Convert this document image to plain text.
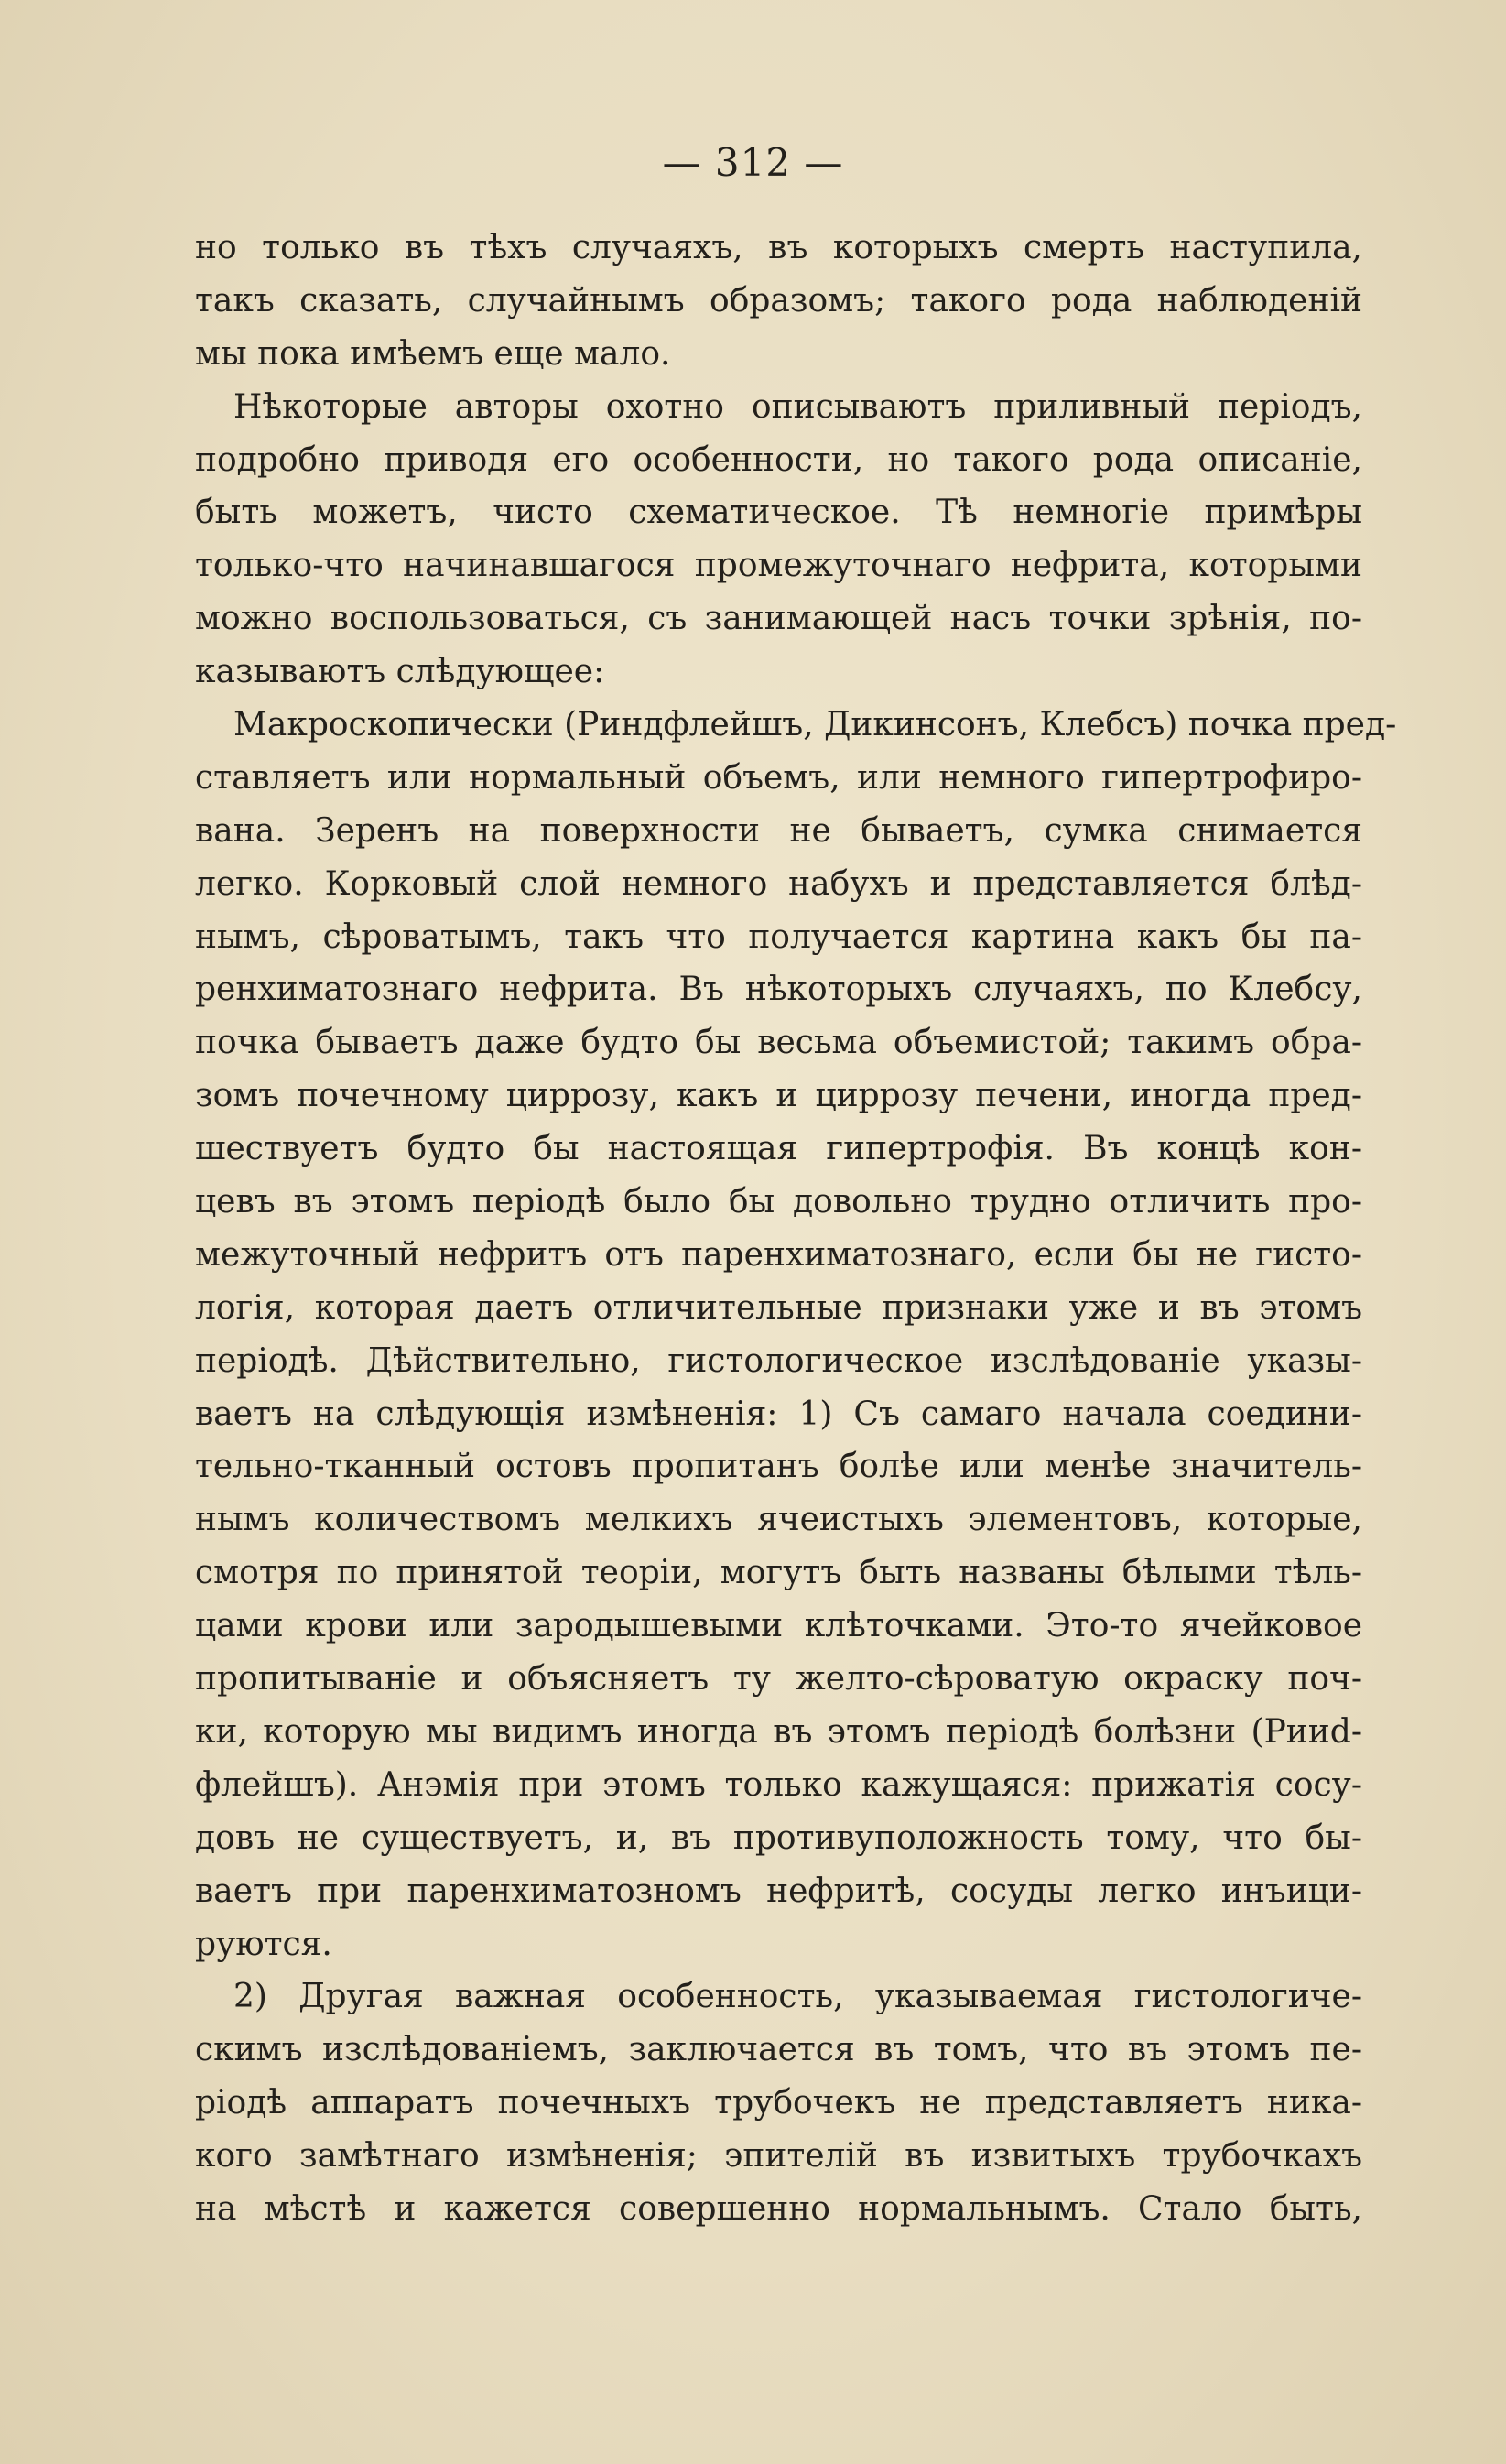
— 312 —
но только въ тѣхъ случаяхъ, въ которыхъ смерть наступила,
такъ сказать, случайнымъ образомъ; такого рода наблюденій
мы пока имѣемъ еще мало.
Нѣкоторые авторы охотно описываютъ приливный періодъ,
подробно приводя его особенности, но такого рода описаніе,
быть можетъ, чисто схематическое. Тѣ немногіе примѣры
только-что начинавшагося промежуточнаго нефрита, которыми
можно воспользоваться, съ занимающей насъ точки зрѣнія, по-
казываютъ слѣдующее:
Макроскопически (Риндфлейшъ, Дикинсонъ, Клебсъ) почка пред-
ставляетъ или нормальный объемъ, или немного гипертрофиро-
вана. Зеренъ на поверхности не бываетъ, сумка снимается
легко. Корковый слой немного набухъ и представляется блѣд-
нымъ, сѣроватымъ, такъ что получается картина какъ бы па-
ренхиматознаго нефрита. Въ нѣкоторыхъ случаяхъ, по Клебсу,
почка бываетъ даже будто бы весьма объемистой; такимъ обра-
зомъ почечному циррозу, какъ и циррозу печени, иногда пред-
шествуетъ будто бы настоящая гипертрофія. Въ концѣ кон-
цевъ въ этомъ періодѣ было бы довольно трудно отличить про-
межуточный нефритъ отъ паренхиматознаго, если бы не гисто-
логія, которая даетъ отличительные признаки уже и въ этомъ
періодѣ. Дѣйствительно, гистологическое изслѣдованіе указы-
ваетъ на слѣдующія измѣненія: 1) Съ самаго начала соедини-
тельно-тканный остовъ пропитанъ болѣе или менѣе значитель-
нымъ количествомъ мелкихъ ячеистыхъ элементовъ, которые,
смотря по принятой теоріи, могутъ быть названы бѣлыми тѣль-
цами крови или зародышевыми клѣточками. Это-то ячейковое
пропитываніе и объясняетъ ту желто-сѣроватую окраску поч-
ки, которую мы видимъ иногда въ этомъ періодѣ болѣзни (Рииd-
флейшъ). Анэмія при этомъ только кажущаяся: прижатія сосу-
довъ не существуетъ, и, въ противуположность тому, что бы-
ваетъ при паренхиматозномъ нефритѣ, сосуды легко инъици-
руются.
2) Другая важная особенность, указываемая гистологиче-
скимъ изслѣдованіемъ, заключается въ томъ, что въ этомъ пе-
ріодѣ аппаратъ почечныхъ трубочекъ не представляетъ ника-
кого замѣтнаго измѣненія; эпителій въ извитыхъ трубочкахъ
на мѣстѣ и кажется совершенно нормальнымъ. Стало быть,
